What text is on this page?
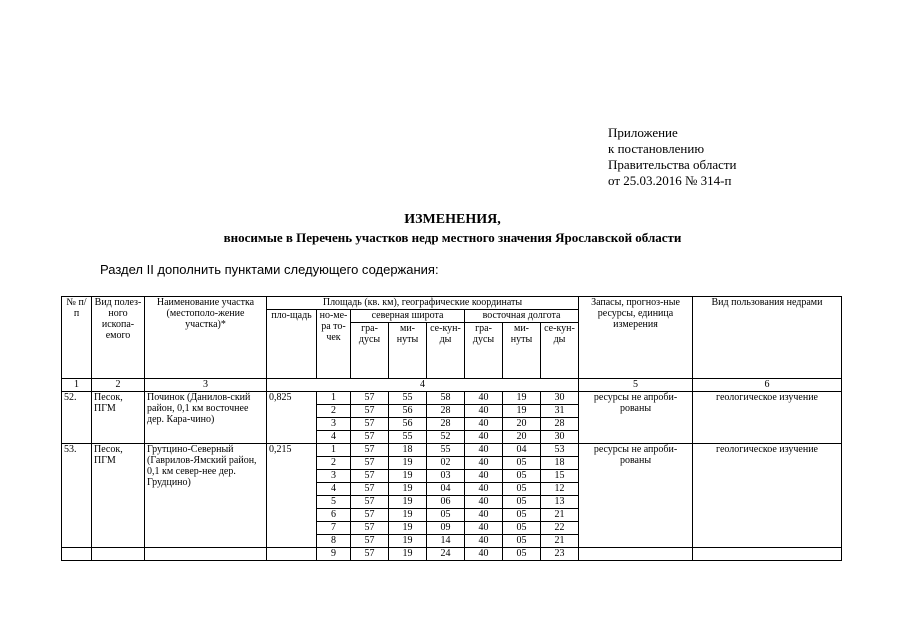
Приложение
к постановлению
Правительства области
от 25.03.2016 № 314-п
ИЗМЕНЕНИЯ,
вносимые в Перечень участков недр местного значения Ярославской области
Раздел II дополнить пунктами следующего содержания:
№ п/п	Вид полез-ного ископа-емого	Наименование участка (местополо-жение участка)*	Площадь (кв. км), географические координаты								Запасы, прогноз-ные ресурсы, единица измерения	Вид пользования недрами
			пло-щадь	но-ме-ра то-чек	северная широта			восточная долгота				
					гра-дусы	ми-нуты	се-кун-ды	гра-дусы	ми-нуты	се-кун-ды		
1	2	3	4								5	6
52.	Песок, ПГМ	Починок (Данилов-ский район, 0,1 км восточнее дер. Кара-чино)	0,825	1	57	55	58	40	19	30	ресурсы не апроби-рованы	геологическое изучение
				2	57	56	28	40	19	31		
				3	57	56	28	40	20	28		
				4	57	55	52	40	20	30		
53.	Песок, ПГМ	Грутцино-Северный (Гаврилов-Ямский район, 0,1 км север-нее дер. Грудцино)	0,215	1	57	18	55	40	04	53	ресурсы не апроби-рованы	геологическое изучение
				2	57	19	02	40	05	18		
				3	57	19	03	40	05	15		
				4	57	19	04	40	05	12		
				5	57	19	06	40	05	13		
				6	57	19	05	40	05	21		
				7	57	19	09	40	05	22		
				8	57	19	14	40	05	21		
				9	57	19	24	40	05	23		
